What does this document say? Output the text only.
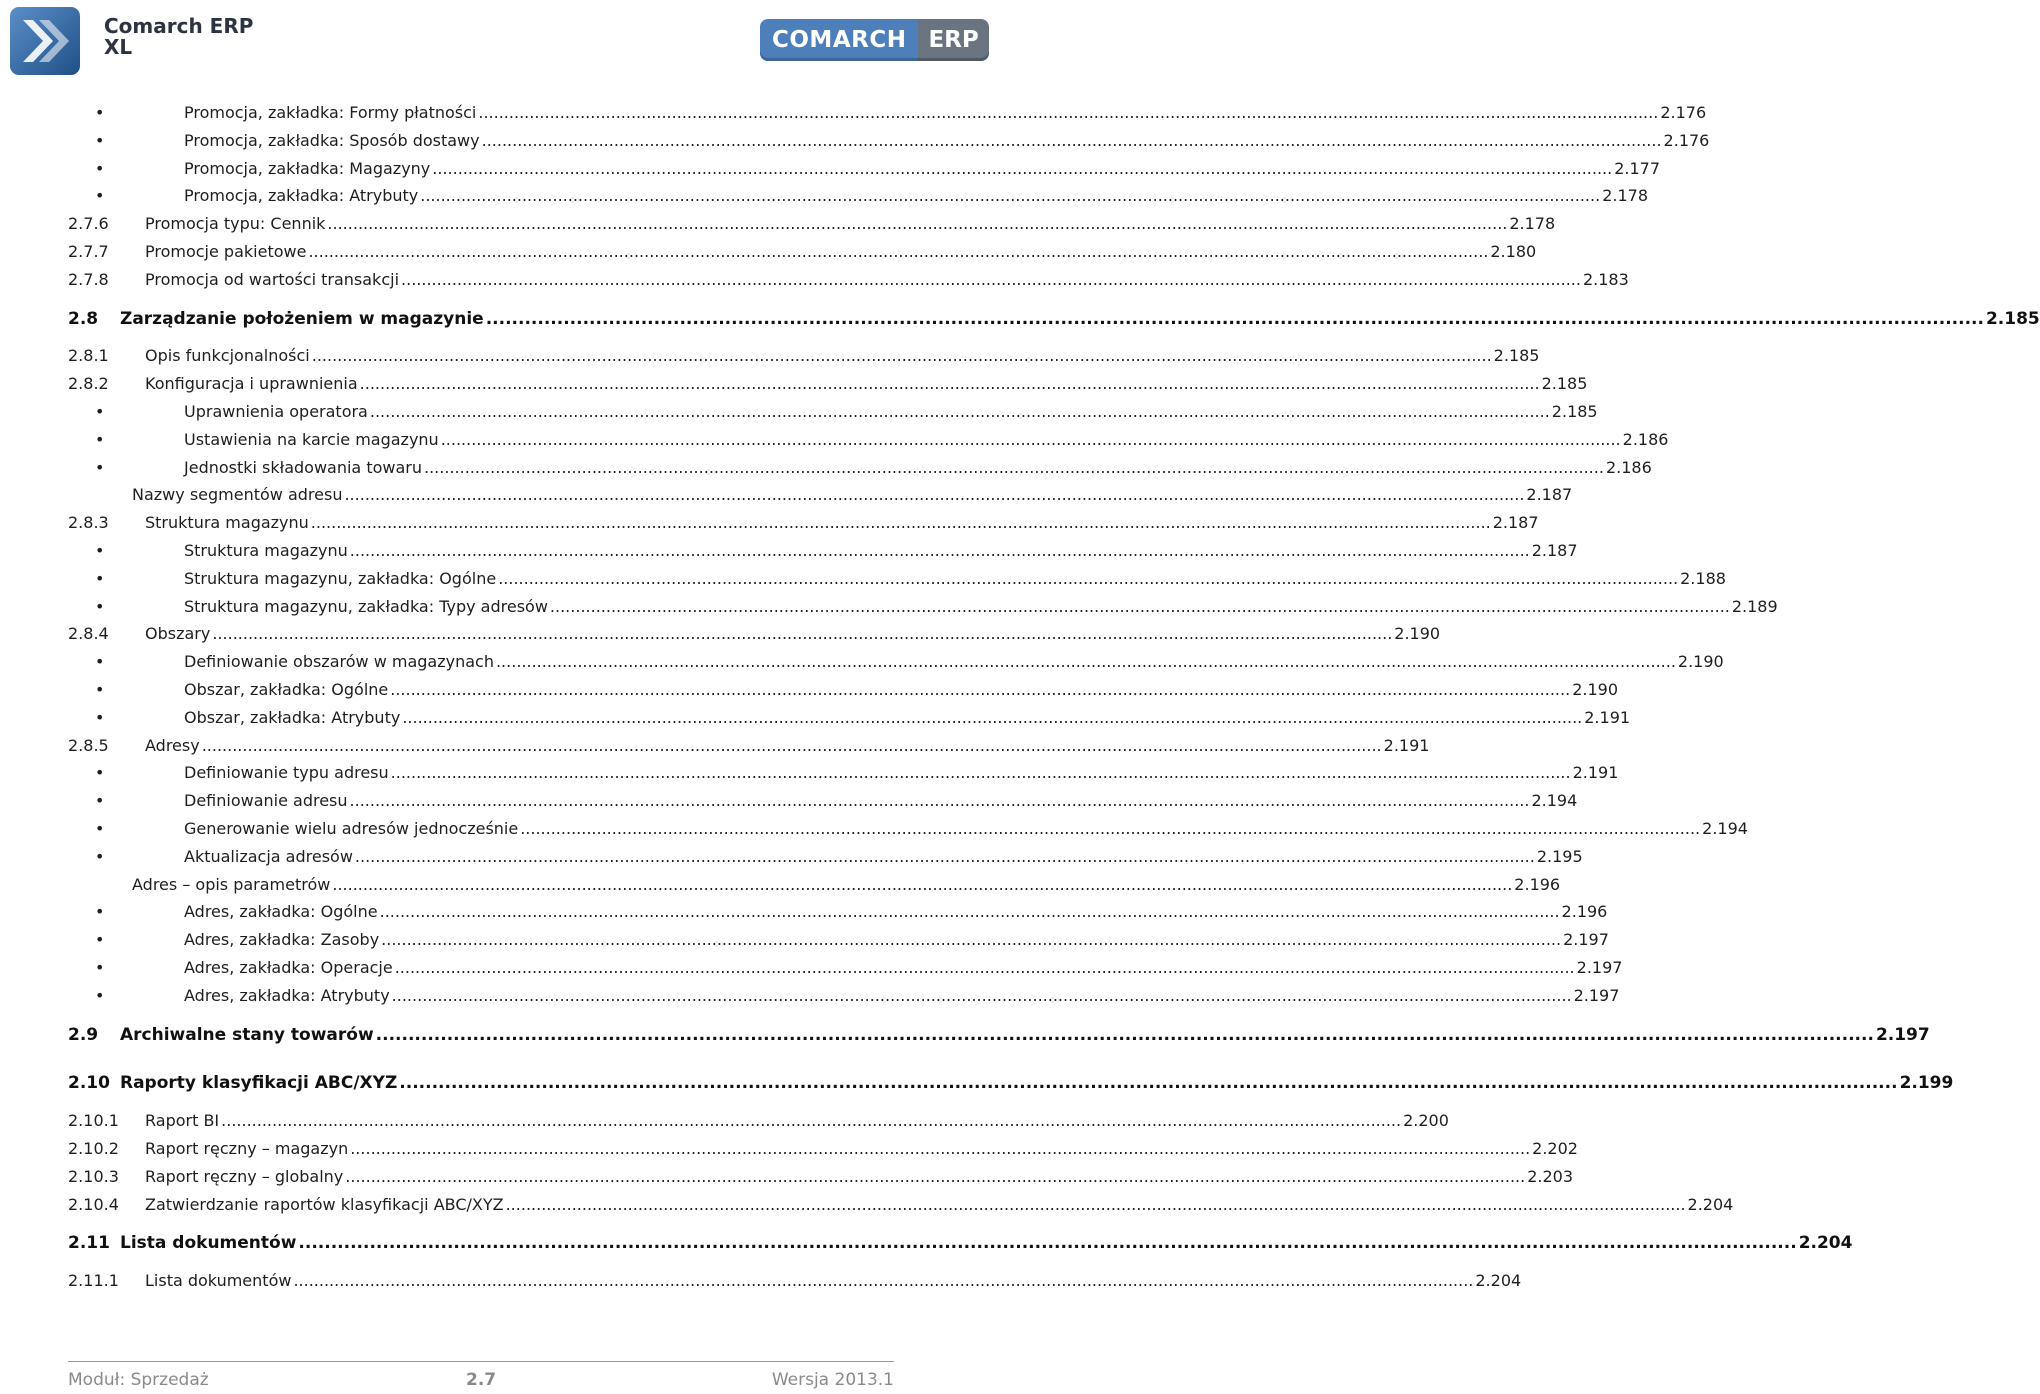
Comarch ERP
XL	COMARCH ERP
•	Promocja, zakładka: Formy płatności .....	2.176
•	Promocja, zakładka: Sposób dostawy .....	2.176
•	Promocja, zakładka: Magazyny .....	2.177
•	Promocja, zakładka: Atrybuty .....	2.178
2.7.6	Promocja typu: Cennik .....	2.178
2.7.7	Promocje pakietowe .....	2.180
2.7.8	Promocja od wartości transakcji .....	2.183
2.8	Zarządzanie położeniem w magazynie .....	2.185
2.8.1	Opis funkcjonalności .....	2.185
2.8.2	Konfiguracja i uprawnienia .....	2.185
•	Uprawnienia operatora .....	2.185
•	Ustawienia na karcie magazynu .....	2.186
•	Jednostki składowania towaru .....	2.186
Nazwy segmentów adresu .....	2.187
2.8.3	Struktura magazynu .....	2.187
•	Struktura magazynu .....	2.187
•	Struktura magazynu, zakładka: Ogólne .....	2.188
•	Struktura magazynu, zakładka: Typy adresów .....	2.189
2.8.4	Obszary .....	2.190
•	Definiowanie obszarów w magazynach .....	2.190
•	Obszar, zakładka: Ogólne .....	2.190
•	Obszar, zakładka: Atrybuty .....	2.191
2.8.5	Adresy .....	2.191
•	Definiowanie typu adresu .....	2.191
•	Definiowanie adresu .....	2.194
•	Generowanie wielu adresów jednocześnie .....	2.194
•	Aktualizacja adresów .....	2.195
Adres – opis parametrów .....	2.196
•	Adres, zakładka: Ogólne .....	2.196
•	Adres, zakładka: Zasoby .....	2.197
•	Adres, zakładka: Operacje .....	2.197
•	Adres, zakładka: Atrybuty .....	2.197
2.9	Archiwalne stany towarów .....	2.197
2.10 Raporty klasyfikacji ABC/XYZ .....	2.199
2.10.1	Raport BI .....	2.200
2.10.2	Raport ręczny – magazyn .....	2.202
2.10.3	Raport ręczny – globalny .....	2.203
2.10.4	Zatwierdzanie raportów klasyfikacji ABC/XYZ .....	2.204
2.11 Lista dokumentów .....	2.204
2.11.1	Lista dokumentów .....	2.204
Moduł: Sprzedaż	2.7	Wersja 2013.1
